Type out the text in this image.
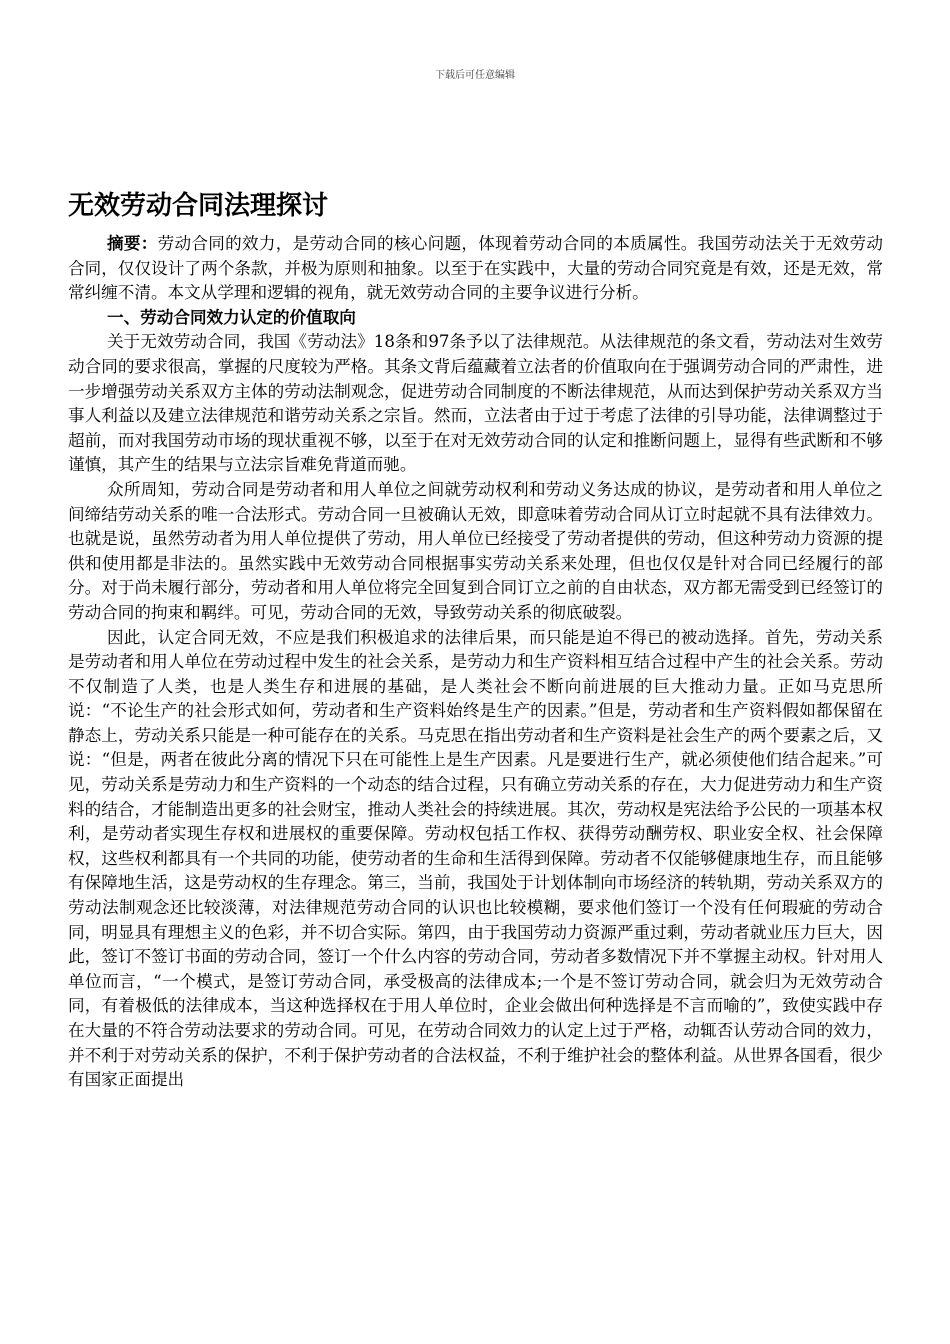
下载后可任意编辑
无效劳动合同法理探讨

摘要：劳动合同的效力，是劳动合同的核心问题，体现着劳动合同的本质属性。我国劳动法关于无效劳动合同，仅仅设计了两个条款，并极为原则和抽象。以至于在实践中，大量的劳动合同究竟是有效，还是无效，常常纠缠不清。本文从学理和逻辑的视角，就无效劳动合同的主要争议进行分析。

一、劳动合同效力认定的价值取向

关于无效劳动合同，我国《劳动法》18条和97条予以了法律规范。从法律规范的条文看，劳动法对生效劳动合同的要求很高，掌握的尺度较为严格。其条文背后蕴藏着立法者的价值取向在于强调劳动合同的严肃性，进一步增强劳动关系双方主体的劳动法制观念，促进劳动合同制度的不断法律规范，从而达到保护劳动关系双方当事人利益以及建立法律规范和谐劳动关系之宗旨。然而，立法者由于过于考虑了法律的引导功能，法律调整过于超前，而对我国劳动市场的现状重视不够，以至于在对无效劳动合同的认定和推断问题上，显得有些武断和不够谨慎，其产生的结果与立法宗旨难免背道而驰。

众所周知，劳动合同是劳动者和用人单位之间就劳动权利和劳动义务达成的协议，是劳动者和用人单位之间缔结劳动关系的唯一合法形式。劳动合同一旦被确认无效，即意味着劳动合同从订立时起就不具有法律效力。也就是说，虽然劳动者为用人单位提供了劳动，用人单位已经接受了劳动者提供的劳动，但这种劳动力资源的提供和使用都是非法的。虽然实践中无效劳动合同根据事实劳动关系来处理，但也仅仅是针对合同已经履行的部分。对于尚未履行部分，劳动者和用人单位将完全回复到合同订立之前的自由状态，双方都无需受到已经签订的劳动合同的拘束和羁绊。可见，劳动合同的无效，导致劳动关系的彻底破裂。

因此，认定合同无效，不应是我们积极追求的法律后果，而只能是迫不得已的被动选择。首先，劳动关系是劳动者和用人单位在劳动过程中发生的社会关系，是劳动力和生产资料相互结合过程中产生的社会关系。劳动不仅制造了人类，也是人类生存和进展的基础，是人类社会不断向前进展的巨大推动力量。正如马克思所说：“不论生产的社会形式如何，劳动者和生产资料始终是生产的因素。”但是，劳动者和生产资料假如都保留在静态上，劳动关系只能是一种可能存在的关系。马克思在指出劳动者和生产资料是社会生产的两个要素之后，又说：“但是，两者在彼此分离的情况下只在可能性上是生产因素。凡是要进行生产，就必须使他们结合起来。”可见，劳动关系是劳动力和生产资料的一个动态的结合过程，只有确立劳动关系的存在，大力促进劳动力和生产资料的结合，才能制造出更多的社会财宝，推动人类社会的持续进展。其次，劳动权是宪法给予公民的一项基本权利，是劳动者实现生存权和进展权的重要保障。劳动权包括工作权、获得劳动酬劳权、职业安全权、社会保障权，这些权利都具有一个共同的功能，使劳动者的生命和生活得到保障。劳动者不仅能够健康地生存，而且能够有保障地生活，这是劳动权的生存理念。第三，当前，我国处于计划体制向市场经济的转轨期，劳动关系双方的劳动法制观念还比较淡薄，对法律规范劳动合同的认识也比较模糊，要求他们签订一个没有任何瑕疵的劳动合同，明显具有理想主义的色彩，并不切合实际。第四，由于我国劳动力资源严重过剩，劳动者就业压力巨大，因此，签订不签订书面的劳动合同，签订一个什么内容的劳动合同，劳动者多数情况下并不掌握主动权。针对用人单位而言，“一个模式，是签订劳动合同，承受极高的法律成本;一个是不签订劳动合同，就会归为无效劳动合同，有着极低的法律成本，当这种选择权在于用人单位时，企业会做出何种选择是不言而喻的”，致使实践中存在大量的不符合劳动法要求的劳动合同。可见，在劳动合同效力的认定上过于严格，动辄否认劳动合同的效力，并不利于对劳动关系的保护，不利于保护劳动者的合法权益，不利于维护社会的整体利益。从世界各国看，很少有国家正面提出
